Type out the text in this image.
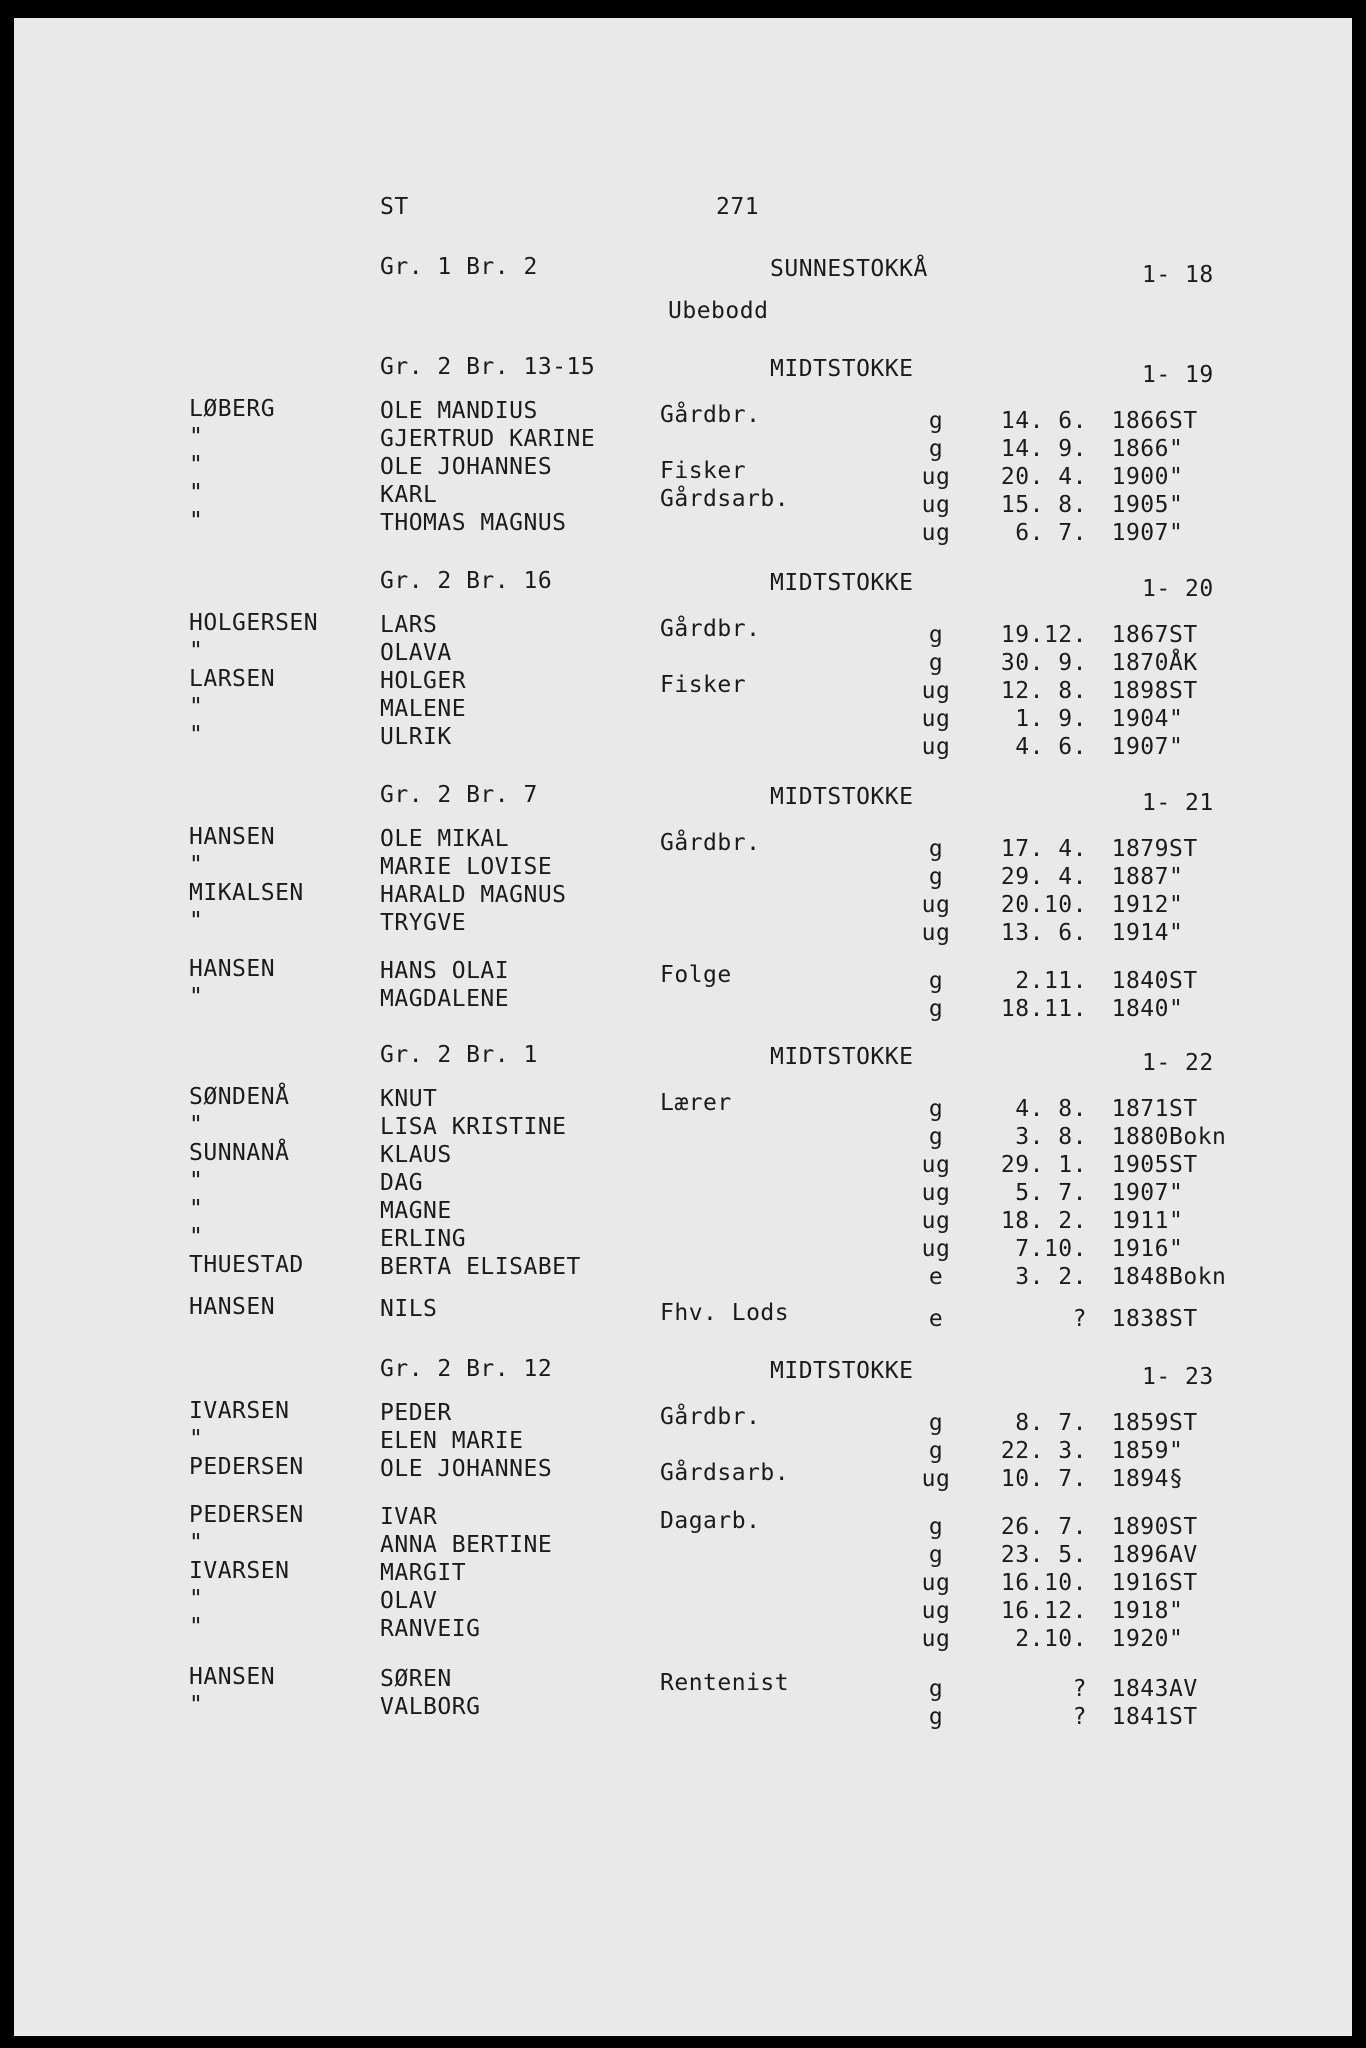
ST	271
Gr. 1 Br. 2	SUNNESTOKKÅ	1- 18
Ubebodd
Gr. 2 Br. 13-15	MIDTSTOKKE	1- 19
LØBERG	OLE MANDIUS	Gårdbr.	g	14. 6.	1866 ST
"	GJERTRUD KARINE	g	14. 9.	1866 "
"	OLE JOHANNES	Fisker	ug	20. 4.	1900 "
"	KARL	Gårdsarb.	ug	15. 8.	1905 "
"	THOMAS MAGNUS	ug	6. 7.	1907 "
Gr. 2 Br. 16	MIDTSTOKKE	1- 20
HOLGERSEN	LARS	Gårdbr.	g	19.12.	1867 ST
"	OLAVA	g	30. 9.	1870 ÅK
LARSEN	HOLGER	Fisker	ug	12. 8.	1898 ST
"	MALENE	ug	1. 9.	1904 "
"	ULRIK	ug	4. 6.	1907 "
Gr. 2 Br. 7	MIDTSTOKKE	1- 21
HANSEN	OLE MIKAL	Gårdbr.	g	17. 4.	1879 ST
"	MARIE LOVISE	g	29. 4.	1887 "
MIKALSEN	HARALD MAGNUS	ug	20.10.	1912 "
"	TRYGVE	ug	13. 6.	1914 "
HANSEN	HANS OLAI	Folge	g	2.11.	1840 ST
"	MAGDALENE	g	18.11.	1840 "
Gr. 2 Br. 1	MIDTSTOKKE	1- 22
SØNDENÅ	KNUT	Lærer	g	4. 8.	1871 ST
"	LISA KRISTINE	g	3. 8.	1880 Bokn
SUNNANÅ	KLAUS	ug	29. 1.	1905 ST
"	DAG	ug	5. 7.	1907 "
"	MAGNE	ug	18. 2.	1911 "
"	ERLING	ug	7.10.	1916 "
THUESTAD	BERTA ELISABET	e	3. 2.	1848 Bokn
HANSEN	NILS	Fhv. Lods	e	?	1838 ST
Gr. 2 Br. 12	MIDTSTOKKE	1- 23
IVARSEN	PEDER	Gårdbr.	g	8. 7.	1859 ST
"	ELEN MARIE	g	22. 3.	1859 "
PEDERSEN	OLE JOHANNES	Gårdsarb.	ug	10. 7.	1894 §
PEDERSEN	IVAR	Dagarb.	g	26. 7.	1890 ST
"	ANNA BERTINE	g	23. 5.	1896 AV
IVARSEN	MARGIT	ug	16.10.	1916 ST
"	OLAV	ug	16.12.	1918 "
"	RANVEIG	ug	2.10.	1920 "
HANSEN	SØREN	Rentenist	g	?	1843 AV
"	VALBORG	g	?	1841 ST
